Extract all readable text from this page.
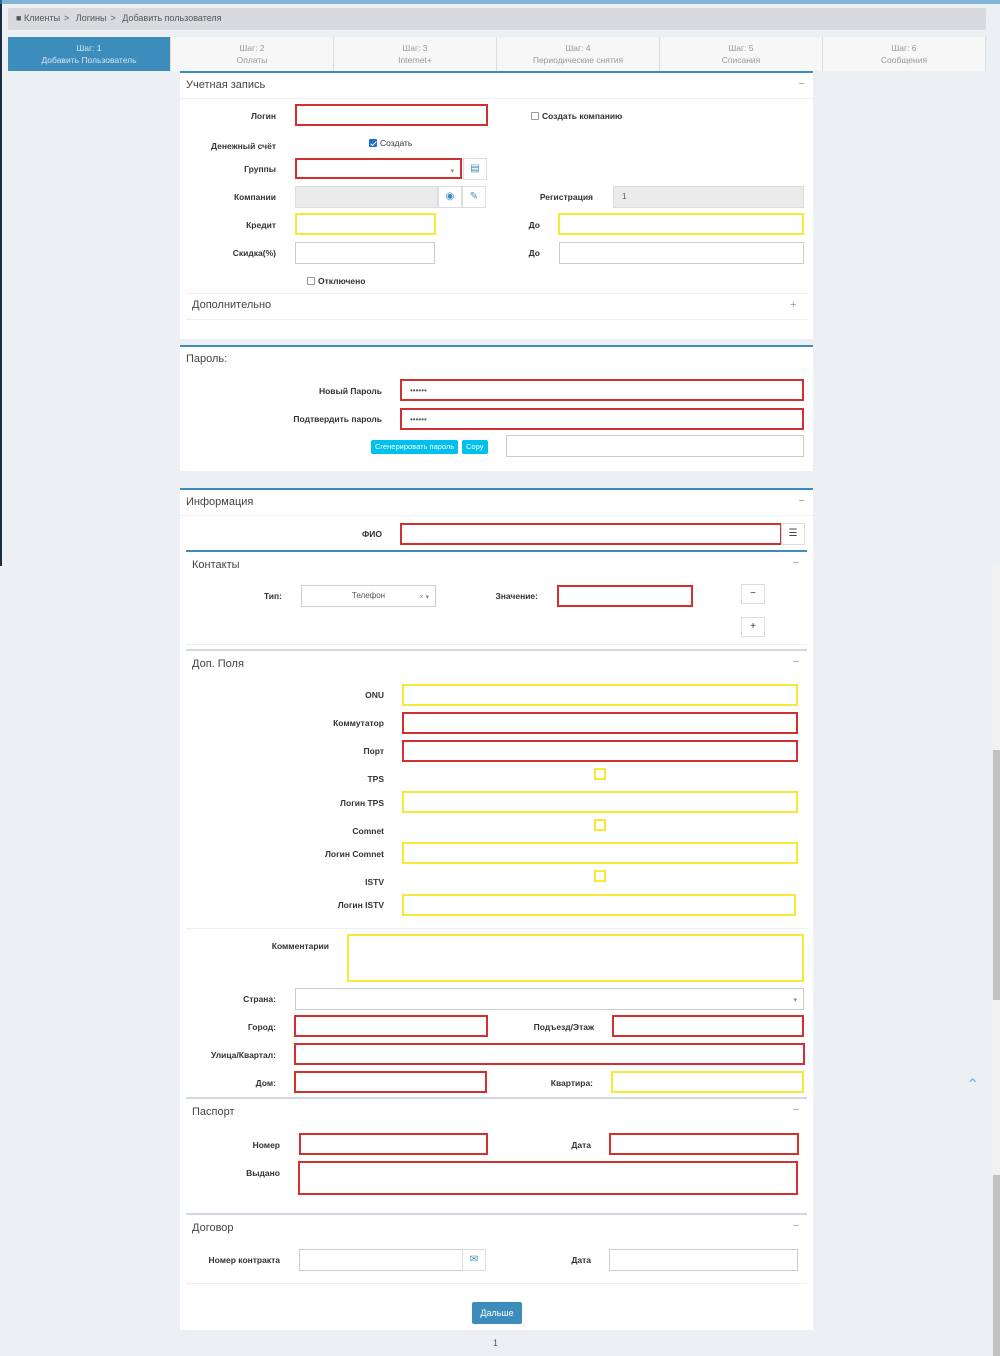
■ Клиенты > Логины > Добавить пользователя
Шаг: 1
Добавить Пользователь
Шаг: 2
Оплаты
Шаг: 3
Internet+
Шаг: 4
Периодические снятия
Шаг: 5
Списания
Шаг: 6
Сообщения
Учетная запись	−
Логин	Создать компанию
Денежный счёт	Создать
Группы	▾	▤
Компании	◉	✎	Регистрация	1
Кредит	До
Скидка(%)	До
Отключено
Дополнительно	+
Пароль:
Новый Пароль	••••••
Подтвердить пароль	••••••
Сгенерировать пароль	Copy
Информация	−
ФИО	☰
Контакты	−
Тип:	Телефон	× ▾	Значение:	−
+
Доп. Поля	−
ONU
Коммутатор
Порт
TPS
Логин TPS
Comnet
Логин Comnet
ISTV
Логин ISTV
Комментарии
Страна:	▾
Город:	Подъезд/Этаж
Улица/Квартал:
Дом:	Квартира:
Паспорт	−
Номер	Дата
Выдано
Договор	−
Номер контракта	✉	Дата
Дальше
1
⌃
